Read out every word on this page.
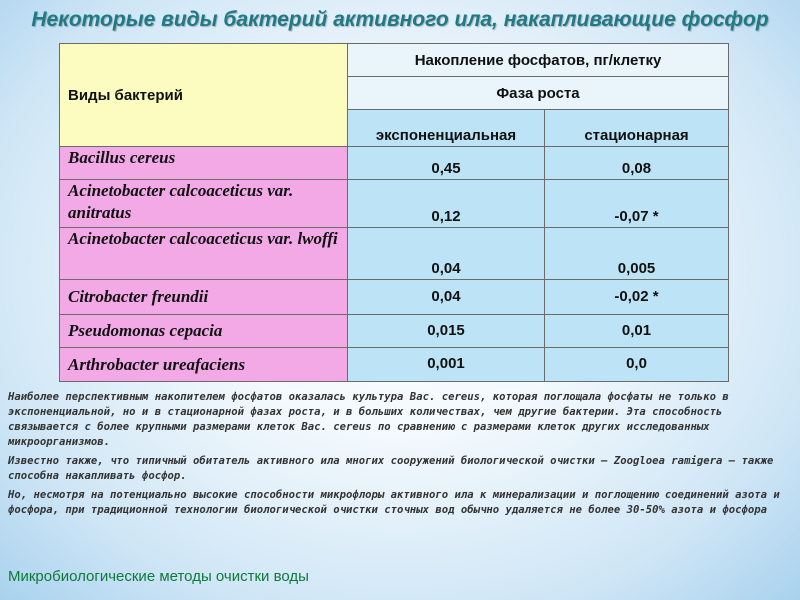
Некоторые виды бактерий активного ила, накапливающие фосфор
Виды бактерий	Накопление фосфатов, пг/клетку	
	Фаза роста	
	экспоненциальная	стационарная
Bacillus cereus	0,45	0,08
Acinetobacter calcoaceticus var. anitratus	0,12	-0,07 *
Acinetobacter calcoaceticus var. lwoffi	0,04	0,005
Citrobacter freundii	0,04	-0,02 *
Pseudomonas cepacia	0,015	0,01
Arthrobacter ureafaciens	0,001	0,0

Наиболее перспективным накопителем фосфатов оказалась культура Bac. cereus, которая поглощала фосфаты не только в экспоненциальной, но и в стационарной фазах роста, и в больших количествах, чем другие бактерии. Эта способность связывается с более крупными размерами клеток Bac. cereus по сравнению с размерами клеток других исследованных микроорганизмов.

Известно также, что типичный обитатель активного ила многих сооружений биологической очистки — Zoogloea ramigera — также способна накапливать фосфор.

Но, несмотря на потенциально высокие способности микрофлоры активного ила к минерализации и поглощению соединений азота и фосфора, при традиционной технологии биологической очистки сточных вод обычно удаляется не более 30-50% азота и фосфора

Микробиологические методы очистки воды
